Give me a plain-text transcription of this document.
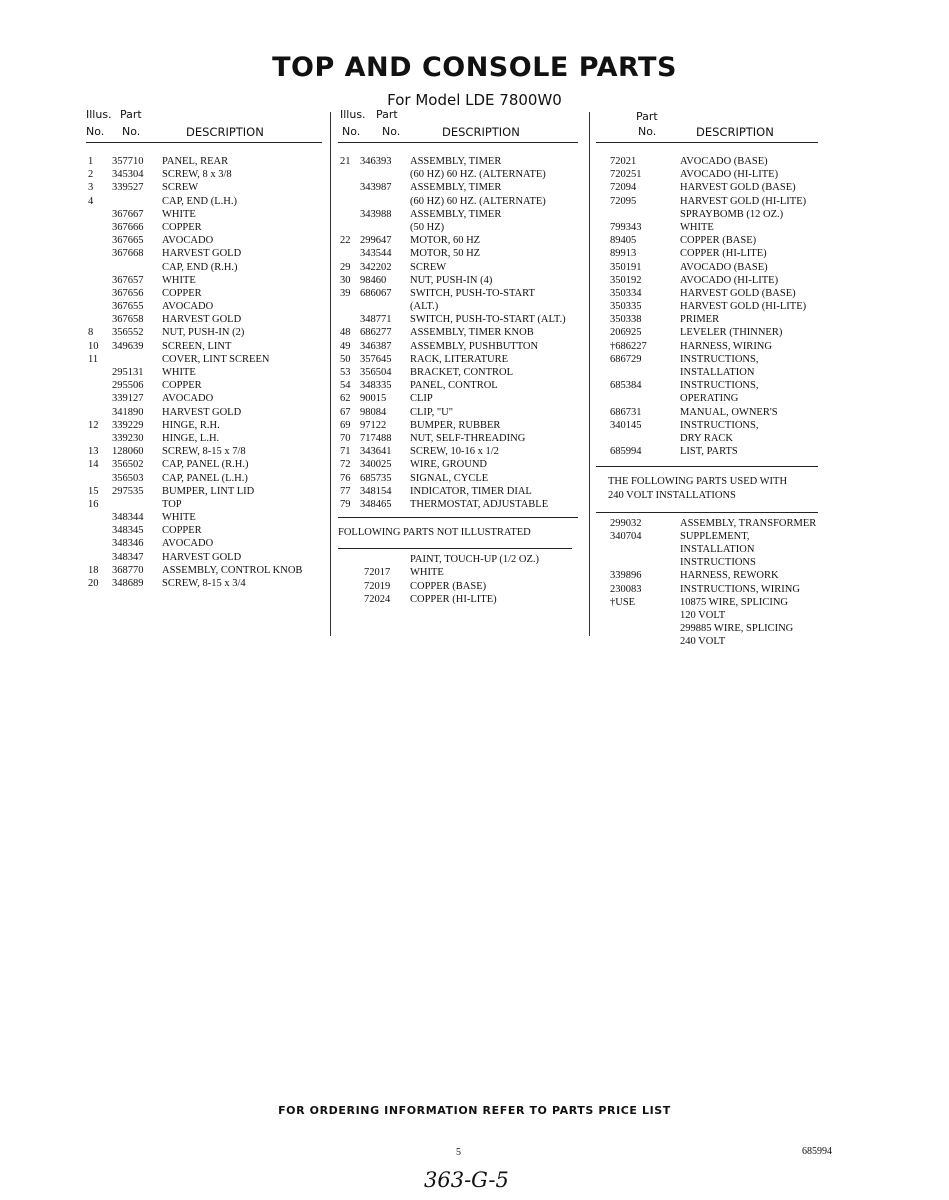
TOP AND CONSOLE PARTS
For Model LDE 7800W0
Illus. Part
No. No.	DESCRIPTION
1 357710 PANEL, REAR
2 345304 SCREW, 8 x 3/8
3 339527 SCREW
4	CAP, END (L.H.)
367667 WHITE
367666 COPPER
367665 AVOCADO
367668 HARVEST GOLD
CAP, END (R.H.)
367657 WHITE
367656 COPPER
367655 AVOCADO
367658 HARVEST GOLD
8 356552 NUT, PUSH-IN (2)
10 349639 SCREEN, LINT
11	COVER, LINT SCREEN
295131 WHITE
295506 COPPER
339127 AVOCADO
341890 HARVEST GOLD
12 339229 HINGE, R.H.
339230 HINGE, L.H.
13 128060 SCREW, 8-15 x 7/8
14 356502 CAP, PANEL (R.H.)
356503 CAP, PANEL (L.H.)
15 297535 BUMPER, LINT LID
16	TOP
348344 WHITE
348345 COPPER
348346 AVOCADO
348347 HARVEST GOLD
18 368770 ASSEMBLY, CONTROL KNOB
20 348689 SCREW, 8-15 x 3/4
Illus. Part
No. No.	DESCRIPTION
21 346393 ASSEMBLY, TIMER
(60 HZ) 60 HZ. (ALTERNATE)
343987 ASSEMBLY, TIMER
(60 HZ) 60 HZ. (ALTERNATE)
343988 ASSEMBLY, TIMER
(50 HZ)
22 299647 MOTOR, 60 HZ
343544 MOTOR, 50 HZ
29 342202 SCREW
30 98460 NUT, PUSH-IN (4)
39 686067 SWITCH, PUSH-TO-START
(ALT.)
348771 SWITCH, PUSH-TO-START (ALT.)
48 686277 ASSEMBLY, TIMER KNOB
49 346387 ASSEMBLY, PUSHBUTTON
50 357645 RACK, LITERATURE
53 356504 BRACKET, CONTROL
54 348335 PANEL, CONTROL
62 90015 CLIP
67 98084 CLIP, "U"
69 97122 BUMPER, RUBBER
70 717488 NUT, SELF-THREADING
71 343641 SCREW, 10-16 x 1/2
72 340025 WIRE, GROUND
76 685735 SIGNAL, CYCLE
77 348154 INDICATOR, TIMER DIAL
79 348465 THERMOSTAT, ADJUSTABLE
FOLLOWING PARTS NOT ILLUSTRATED
PAINT, TOUCH-UP (1/2 OZ.)
72017 WHITE
72019 COPPER (BASE)
72024 COPPER (HI-LITE)
Part
No.	DESCRIPTION
72021	AVOCADO (BASE)
720251	AVOCADO (HI-LITE)
72094	HARVEST GOLD (BASE)
72095	HARVEST GOLD (HI-LITE)
SPRAYBOMB (12 OZ.)
799343	WHITE
89405	COPPER (BASE)
89913	COPPER (HI-LITE)
350191	AVOCADO (BASE)
350192	AVOCADO (HI-LITE)
350334	HARVEST GOLD (BASE)
350335	HARVEST GOLD (HI-LITE)
350338	PRIMER
206925	LEVELER (THINNER)
†686227	HARNESS, WIRING
686729	INSTRUCTIONS,
INSTALLATION
685384	INSTRUCTIONS,
OPERATING
686731	MANUAL, OWNER'S
340145	INSTRUCTIONS,
DRY RACK
685994	LIST, PARTS
THE FOLLOWING PARTS USED WITH
240 VOLT INSTALLATIONS
299032	ASSEMBLY, TRANSFORMER
340704	SUPPLEMENT,
INSTALLATION
INSTRUCTIONS
339896	HARNESS, REWORK
230083	INSTRUCTIONS, WIRING
†USE	10875 WIRE, SPLICING
120 VOLT
299885 WIRE, SPLICING
240 VOLT
FOR ORDERING INFORMATION REFER TO PARTS PRICE LIST
5	685994
363-G-5
